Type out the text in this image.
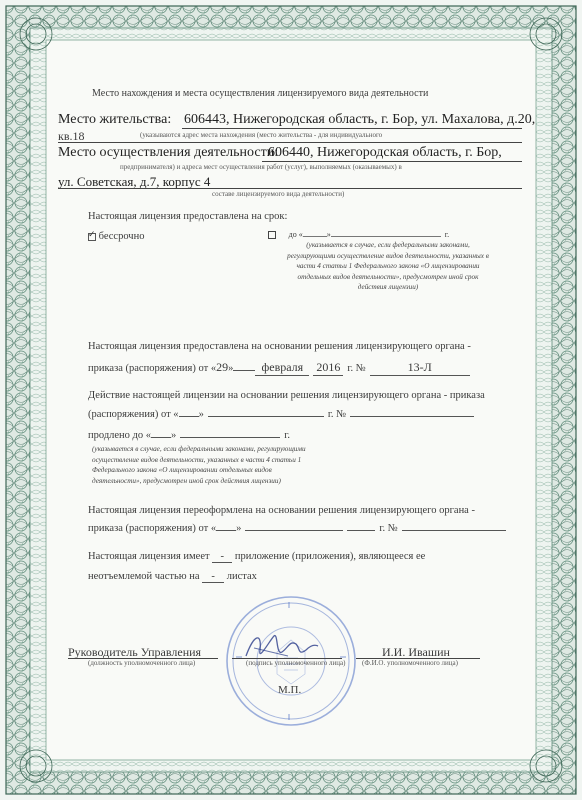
Место нахождения и места осуществления лицензируемого вида деятельности
Место жительства: 606443, Нижегородская область, г. Бор, ул. Махалова, д.20,
кв.18	(указываются адрес места нахождения (место жительства - для индивидуального
Место осуществления деятельности:
606440, Нижегородская область, г. Бор,
предпринимателя) и адреса мест осуществления работ (услуг), выполняемых (оказываемых) в
ул. Советская, д.7, корпус 4
составе лицензируемого вида деятельности)
Настоящая лицензия предоставлена на срок:
✓ бессрочно	до «	»	г.
(указывается в случае, если федеральными законами, регулирующими осуществление видов деятельности, указанных в части 4 статьи 1 Федерального закона «О лицензировании отдельных видов деятельности», предусмотрен иной срок действия лицензии)
Настоящая лицензия предоставлена на основании решения лицензирующего органа -
приказа (распоряжения) от «29» февраля 2016 г. №	13-Л
Действие настоящей лицензии на основании решения лицензирующего органа - приказа
(распоряжения) от « »	г. №
продлено до « »	г.
(указывается в случае, если федеральными законами, регулирующими осуществление видов деятельности, указанных в части 4 статьи 1 Федерального закона «О лицензировании отдельных видов деятельности», предусмотрен иной срок действия лицензии)
Настоящая лицензия переоформлена на основании решения лицензирующего органа -
приказа (распоряжения) от « »	г. №
Настоящая лицензия имеет - приложение (приложения), являющееся ее
неотъемлемой частью на - листах
Руководитель Управления
(должность уполномоченного лица)	(подпись уполномоченного лица)
И.И. Ивашин
(Ф.И.О. уполномоченного лица)
М.П.
